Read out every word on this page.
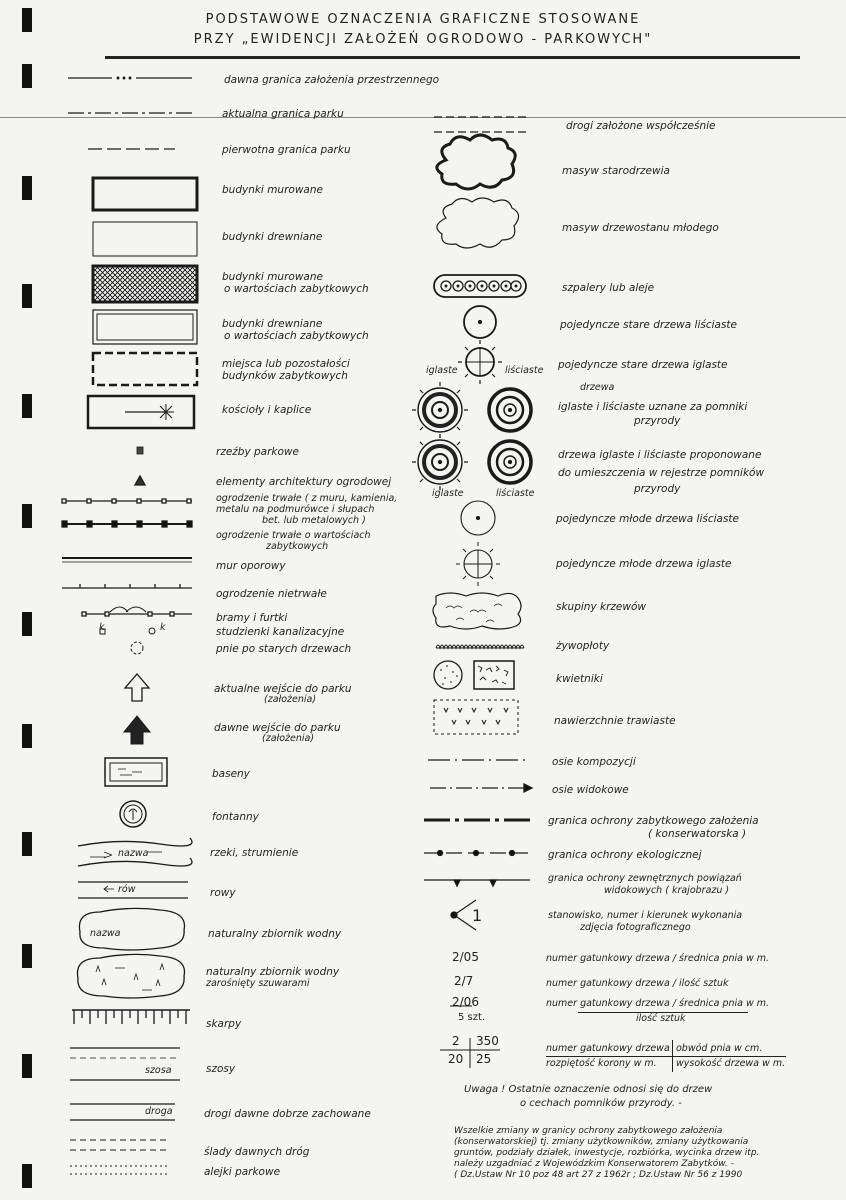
PODSTAWOWE OZNACZENIA GRAFICZNE STOSOWANE
PRZY „EWIDENCJI ZAŁOŻEŃ OGRODOWO - PARKOWYCH"
k	k
nazwa
rów
nazwa
szosa
droga
dawna granica założenia przestrzennego
aktualna granica parku
pierwotna granica parku
budynki murowane
budynki drewniane
budynki murowane
o wartościach zabytkowych
budynki drewniane
o wartościach zabytkowych
miejsca lub pozostałości
budynków zabytkowych
kościoły i kaplice
rzeźby parkowe
elementy architektury ogrodowej
ogrodzenie trwałe ( z muru, kamienia,
metalu na podmurówce i słupach
bet. lub metalowych )
ogrodzenie trwałe o wartościach
zabytkowych
mur oporowy
ogrodzenie nietrwałe
bramy i furtki
studzienki kanalizacyjne
pnie po starych drzewach
aktualne wejście do parku
(założenia)
dawne wejście do parku
(założenia)
baseny
fontanny
rzeki, strumienie
rowy
naturalny zbiornik wodny
naturalny zbiornik wodny
zarośnięty szuwarami
skarpy
szosy
drogi dawne dobrze zachowane
ślady dawnych dróg
alejki parkowe
iglaste	liściaste
iglaste	liściaste
1
2/05
2/7
2/06
5 szt.
2 350
20 25
drogi założone współcześnie
masyw starodrzewia
masyw drzewostanu młodego
szpalery lub aleje
pojedyncze stare drzewa liściaste
pojedyncze stare drzewa iglaste
drzewa
iglaste i liściaste uznane za pomniki
przyrody
drzewa iglaste i liściaste proponowane
do umieszczenia w rejestrze pomników
przyrody
pojedyncze młode drzewa liściaste
pojedyncze młode drzewa iglaste
skupiny krzewów
żywopłoty
kwietniki
nawierzchnie trawiaste
osie kompozycji
osie widokowe
granica ochrony zabytkowego założenia
( konserwatorska )
granica ochrony ekologicznej
granica ochrony zewnętrznych powiązań
widokowych ( krajobrazu )
stanowisko, numer i kierunek wykonania
zdjęcia fotograficznego
numer gatunkowy drzewa / średnica pnia w m.
numer gatunkowy drzewa / ilość sztuk
numer gatunkowy drzewa / średnica pnia w m.
ilość sztuk
numer gatunkowy drzewa obwód pnia w cm.
rozpiętość korony w m. wysokość drzewa w m.
Uwaga ! Ostatnie oznaczenie odnosi się do drzew
o cechach pomników przyrody. -
Wszelkie zmiany w granicy ochrony zabytkowego założenia
(konserwatorskiej) tj. zmiany użytkowników, zmiany użytkowania
gruntów, podziały działek, inwestycje, rozbiórka, wycinka drzew itp.
należy uzgadniać z Wojewódzkim Konserwatorem Zabytków. -
( Dz.Ustaw Nr 10 poz 48 art 27 z 1962r ; Dz.Ustaw Nr 56 z 1990
